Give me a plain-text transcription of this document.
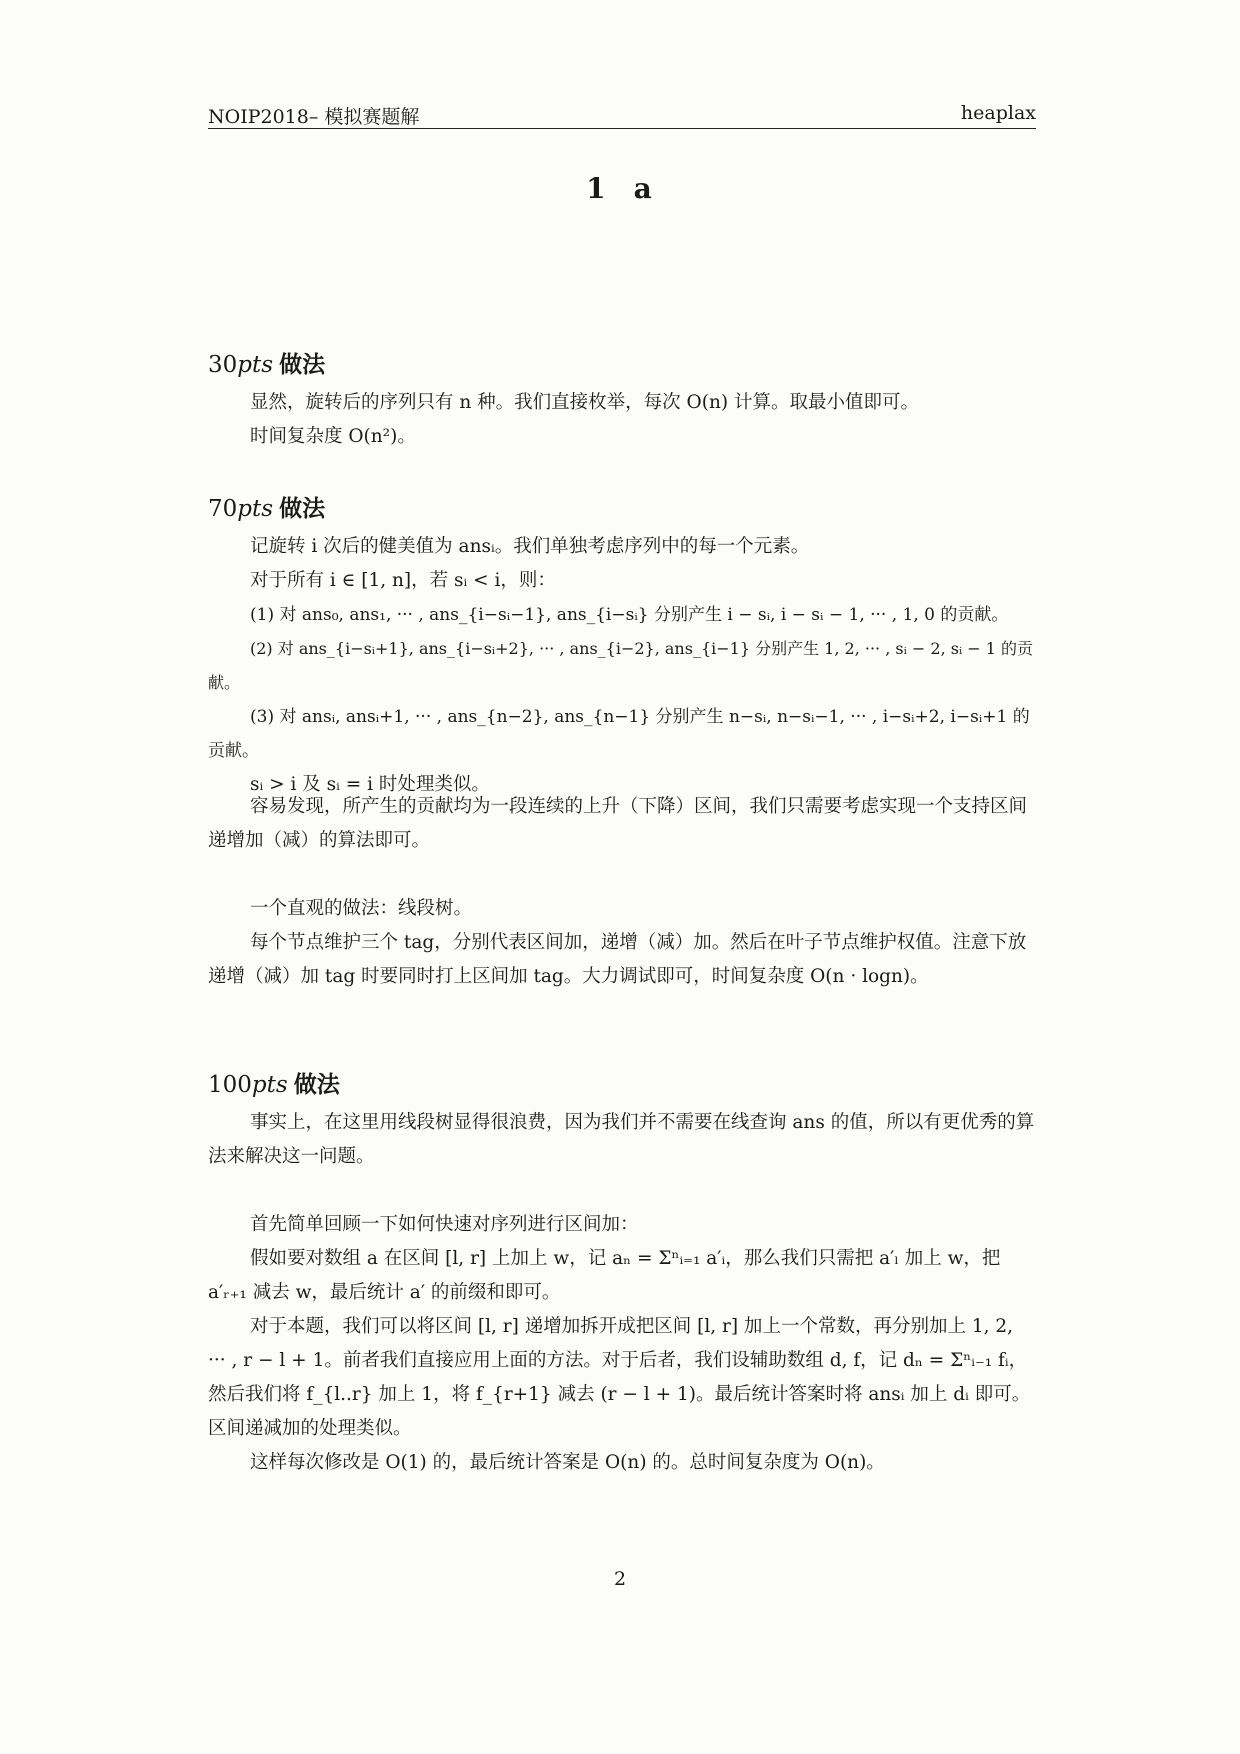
NOIP2018– 模拟赛题解	heaplax
1 a
30pts 做法

显然，旋转后的序列只有 n 种。我们直接枚举，每次 O(n) 计算。取最小值即可。

时间复杂度 O(n²)。

70pts 做法

记旋转 i 次后的健美值为 ansᵢ。我们单独考虑序列中的每一个元素。

对于所有 i ∈ [1, n]，若 sᵢ < i，则：

(1) 对 ans₀, ans₁, ··· , ans_{i−sᵢ−1}, ans_{i−sᵢ} 分别产生 i − sᵢ, i − sᵢ − 1, ··· , 1, 0 的贡献。

(2) 对 ans_{i−sᵢ+1}, ans_{i−sᵢ+2}, ··· , ans_{i−2}, ans_{i−1} 分别产生 1, 2, ··· , sᵢ − 2, sᵢ − 1 的贡献。

(3) 对 ansᵢ, ansᵢ+1, ··· , ans_{n−2}, ans_{n−1} 分别产生 n−sᵢ, n−sᵢ−1, ··· , i−sᵢ+2, i−sᵢ+1 的贡献。

sᵢ > i 及 sᵢ = i 时处理类似。

容易发现，所产生的贡献均为一段连续的上升（下降）区间，我们只需要考虑实现一个支持区间递增加（减）的算法即可。

一个直观的做法：线段树。

每个节点维护三个 tag，分别代表区间加，递增（减）加。然后在叶子节点维护权值。注意下放递增（减）加 tag 时要同时打上区间加 tag。大力调试即可，时间复杂度 O(n · logn)。

100pts 做法

事实上，在这里用线段树显得很浪费，因为我们并不需要在线查询 ans 的值，所以有更优秀的算法来解决这一问题。

首先简单回顾一下如何快速对序列进行区间加：

假如要对数组 a 在区间 [l, r] 上加上 w，记 aₙ = Σⁿᵢ₌₁ a′ᵢ，那么我们只需把 a′ₗ 加上 w，把 a′ᵣ₊₁ 减去 w，最后统计 a′ 的前缀和即可。

对于本题，我们可以将区间 [l, r] 递增加拆开成把区间 [l, r] 加上一个常数，再分别加上 1, 2, ··· , r − l + 1。前者我们直接应用上面的方法。对于后者，我们设辅助数组 d, f，记 dₙ = Σⁿᵢ₋₁ fᵢ，然后我们将 f_{l..r} 加上 1，将 f_{r+1} 减去 (r − l + 1)。最后统计答案时将 ansᵢ 加上 dᵢ 即可。区间递减加的处理类似。

这样每次修改是 O(1) 的，最后统计答案是 O(n) 的。总时间复杂度为 O(n)。

2
